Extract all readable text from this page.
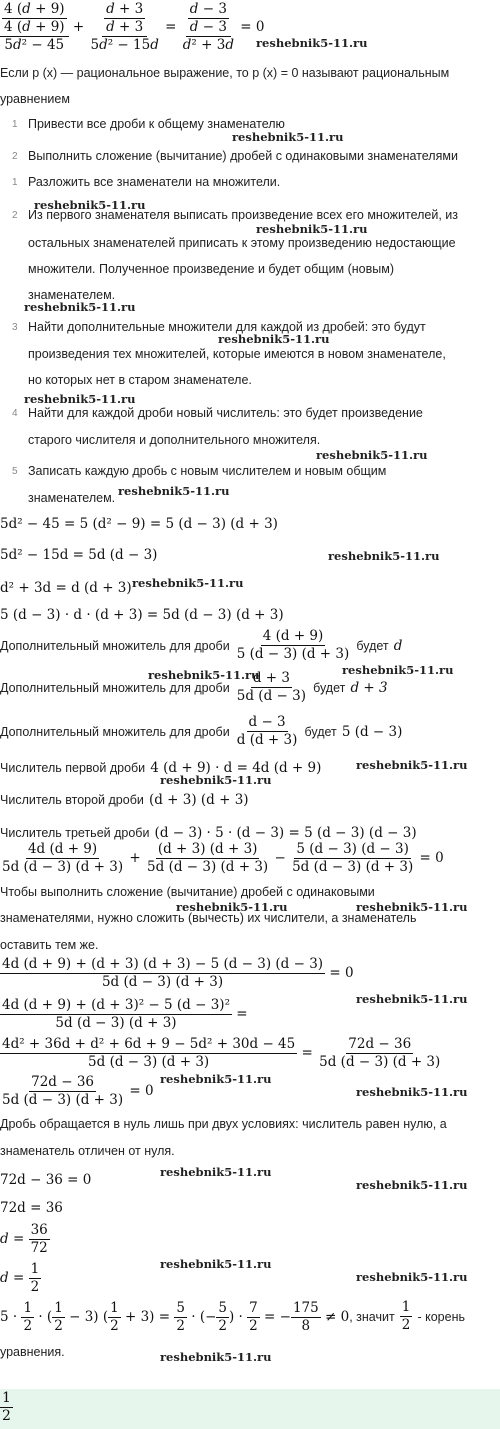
$\frac{\frac{4 (d + 9)}{4 (d + 9)}}{\text{5d² − 45}} + \frac{\frac{d + 3}{d + 3}}{\text{5d² − 15d}} = \frac{\frac{d - 3}{d - 3}}{\text{d² + 3d}} = 0$
reshebnik5-11.ru
Если p (x) — рациональное выражение, то p (x) = 0 называют рациональным
уравнением
1 Привести все дроби к общему знаменателю
reshebnik5-11.ru
2 Выполнить сложение (вычитание) дробей с одинаковыми знаменателями
1 Разложить все знаменатели на множители.
reshebnik5-11.ru
2 Из первого знаменателя выписать произведение всех его множителей, из
reshebnik5-11.ru
остальных знаменателей приписать к этому произведению недостающие
множители. Полученное произведение и будет общим (новым)
знаменателем.
reshebnik5-11.ru
3 Найти дополнительные множители для каждой из дробей: это будут
reshebnik5-11.ru
произведения тех множителей, которые имеются в новом знаменателе,
но которых нет в старом знаменателе.
reshebnik5-11.ru
4 Найти для каждой дроби новый числитель: это будет произведение
старого числителя и дополнительного множителя.
reshebnik5-11.ru
5 Записать каждую дробь с новым числителем и новым общим
знаменателем. reshebnik5-11.ru
5d² − 45 = 5 (d² − 9) = 5 (d − 3) (d + 3)
5d² − 15d = 5d (d − 3)	reshebnik5-11.ru
d² + 3d = d (d + 3) reshebnik5-11.ru
5 (d − 3) · d · (d + 3) = 5d (d − 3) (d + 3)
Дополнительный множитель для дроби $\frac{4 (d + 9)}{5 (d - 3) (d + 3)}$ будет d
reshebnik5-11.ru	reshebnik5-11.ru
Дополнительный множитель для дроби $\frac{d + 3}{5d (d - 3)}$ будет d + 3
Дополнительный множитель для дроби $\frac{d - 3}{d (d + 3)}$ будет 5 (d − 3)
Числитель первой дроби 4 (d + 9) · d = 4d (d + 9)	reshebnik5-11.ru
reshebnik5-11.ru
Числитель второй дроби (d + 3) (d + 3)
Числитель третьей дроби (d − 3) · 5 · (d − 3) = 5 (d − 3) (d − 3)
$\frac{4d (d + 9)}{5d (d - 3) (d + 3)} + \frac{(d + 3) (d + 3)}{5d (d - 3) (d + 3)} - \frac{5 (d - 3) (d - 3)}{5d (d - 3) (d + 3)} = 0$
Чтобы выполнить сложение (вычитание) дробей с одинаковыми
reshebnik5-11.ru	reshebnik5-11.ru
знаменателями, нужно сложить (вычесть) их числители, а знаменатель
оставить тем же.
$\frac{4d (d + 9) + (d + 3) (d + 3) - 5 (d - 3) (d - 3)}{5d (d - 3) (d + 3)} = 0$
reshebnik5-11.ru
$\frac{\text{4d (d + 9) + (d + 3)² − 5 (d − 3)²}}{5d (d - 3) (d + 3)}$ =
$\frac{\text{4d² + 36d + d² + 6d + 9 − 5d² + 30d − 45}}{5d (d - 3) (d + 3)} = \frac{72d - 36}{5d (d - 3) (d + 3)}$
$\frac{72d - 36}{5d (d - 3) (d + 3)} = 0$
reshebnik5-11.ru
reshebnik5-11.ru
Дробь обращается в нуль лишь при двух условиях: числитель равен нулю, а
знаменатель отличен от нуля.
72d − 36 = 0	reshebnik5-11.ru
reshebnik5-11.ru
72d = 36
$d = \frac{36}{72}$
reshebnik5-11.ru
reshebnik5-11.ru
$d = \frac{1}{2}$
$5 \cdot \frac{1}{2}$ · ( $\frac{1}{2} - 3$) ( $\frac{1}{2} + 3) = \frac{5}{2}$ · (− $\frac{5}{2}$ ) · $\frac{7}{2}$ = − $\frac{175}{8} \ne 0$, значит $\frac{1}{2}$ - корень
уравнения.	reshebnik5-11.ru
1
2
